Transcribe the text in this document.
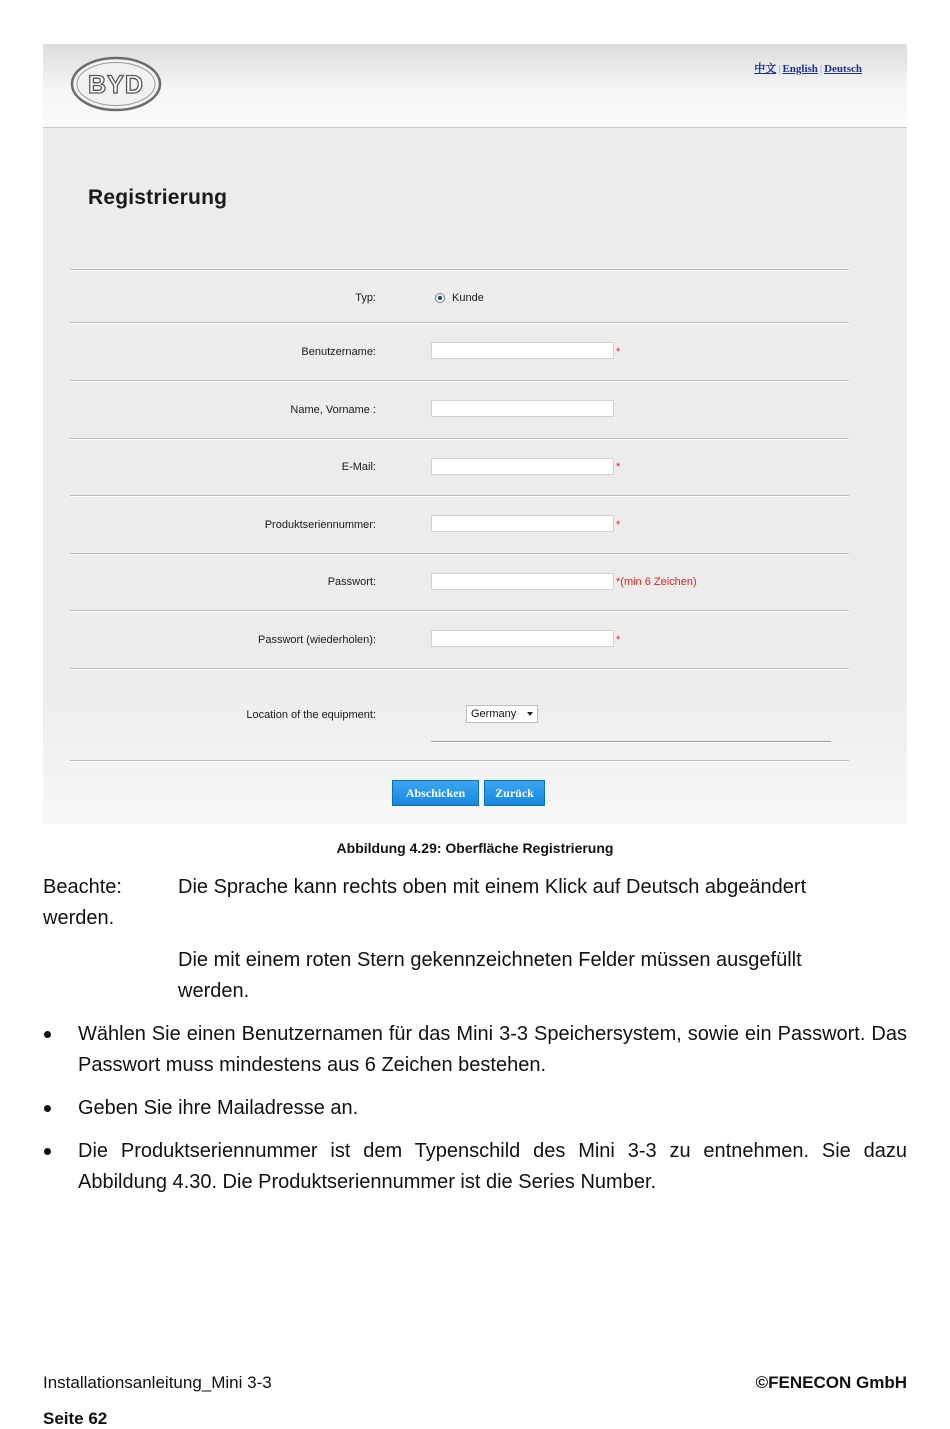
BYD
中文 | English | Deutsch
Registrierung
Typ:	Kunde
Benutzername:	*
Name, Vorname :
E-Mail:	*
Produktseriennummer:	*
Passwort:	*(min 6 Zeichen)
Passwort (wiederholen):	*
Location of the equipment:	Germany
Abschicken	Zurück
Abbildung 4.29: Oberfläche Registrierung
Beachte:	Die Sprache kann rechts oben mit einem Klick auf Deutsch abgeändert
werden.
Die mit einem roten Stern gekennzeichneten Felder müssen ausgefüllt werden.
Wählen Sie einen Benutzernamen für das Mini 3-3 Speichersystem, sowie ein Passwort. Das Passwort muss mindestens aus 6 Zeichen bestehen.
Geben Sie ihre Mailadresse an.
Die Produktseriennummer ist dem Typenschild des Mini 3-3 zu entnehmen. Sie dazu Abbildung 4.30. Die Produktseriennummer ist die Series Number.
Installationsanleitung_Mini 3-3	©FENECON GmbH
Seite 62
